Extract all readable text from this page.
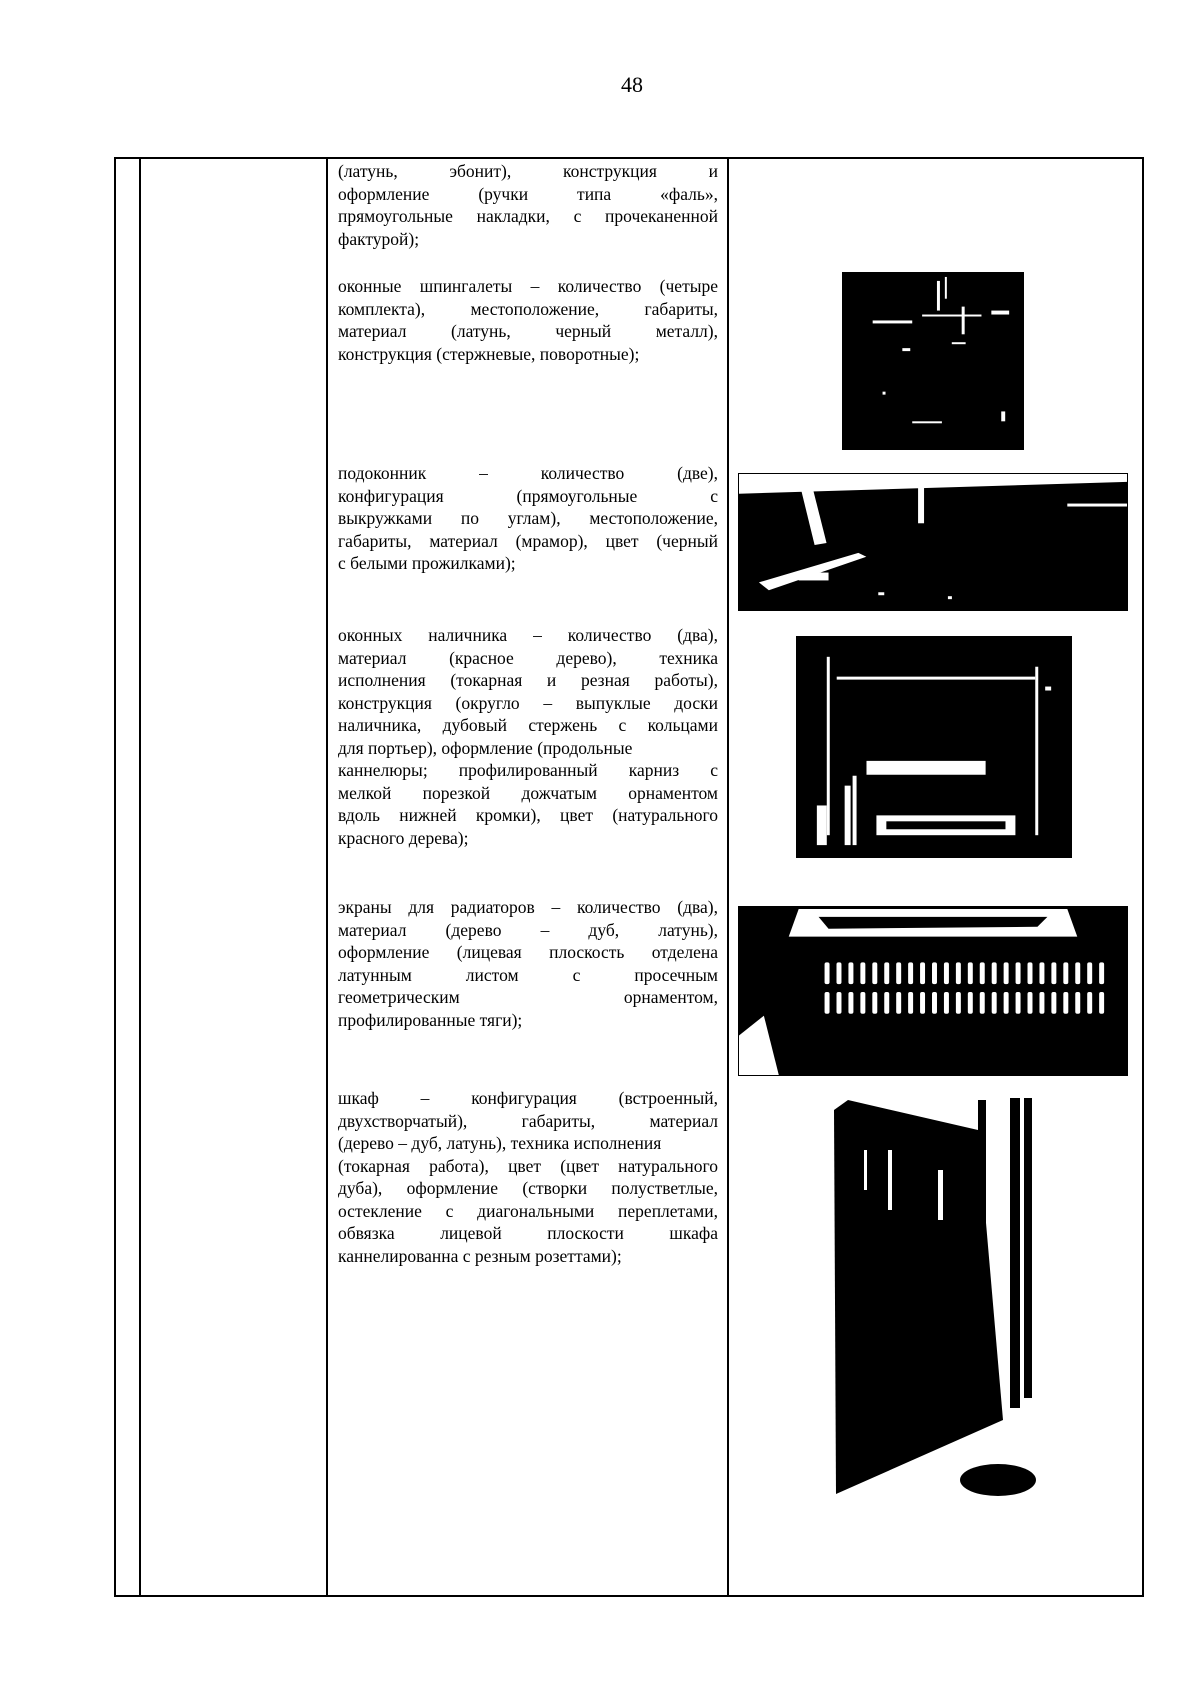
48
(латунь, эбонит), конструкция и
оформление (ручки типа «фаль»,
прямоугольные накладки, с прочеканенной
фактурой);
оконные шпингалеты – количество (четыре
комплекта), местоположение, габариты,
материал (латунь, черный металл),
конструкция (стержневые, поворотные);
подоконник – количество (две),
конфигурация (прямоугольные с
выкружками по углам), местоположение,
габариты, материал (мрамор), цвет (черный
с белыми прожилками);
оконных наличника – количество (два),
материал (красное дерево), техника
исполнения (токарная и резная работы),
конструкция (округло – выпуклые доски
наличника, дубовый стержень с кольцами
для портьер), оформление (продольные
каннелюры; профилированный карниз с
мелкой порезкой дожчатым орнаментом
вдоль нижней кромки), цвет (натурального
красного дерева);
экраны для радиаторов – количество (два),
материал (дерево – дуб, латунь),
оформление (лицевая плоскость отделена
латунным листом с просечным
геометрическим орнаментом,
профилированные тяги);
шкаф – конфигурация (встроенный,
двухстворчатый), габариты, материал
(дерево – дуб, латунь), техника исполнения
(токарная работа), цвет (цвет натурального
дуба), оформление (створки полустветлые,
остекление с диагональными переплетами,
обвязка лицевой плоскости шкафа
каннелированна с резным розеттами);
